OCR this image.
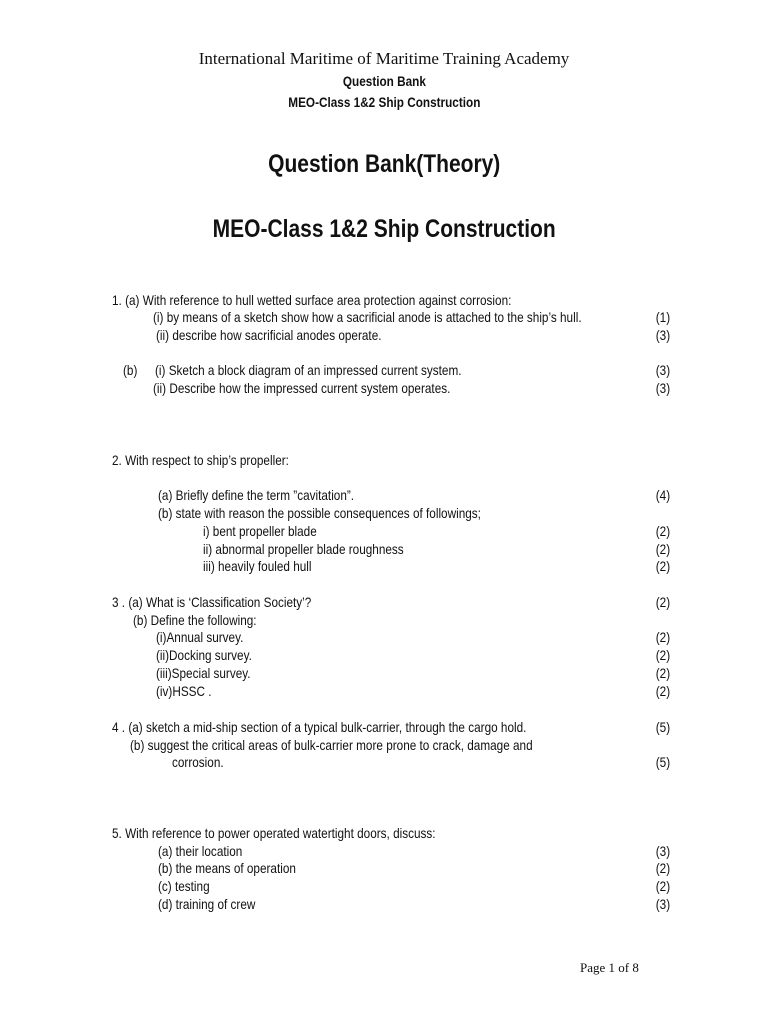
International Maritime of Maritime Training Academy
Question Bank
MEO-Class 1&2 Ship Construction
Question Bank(Theory)
MEO-Class 1&2 Ship Construction
1. (a) With reference to hull wetted surface area protection against corrosion:
(i) by means of a sketch show how a sacrificial anode is attached to the ship’s hull.	(1)
(ii) describe how sacrificial anodes operate.	(3)
(b) (i) Sketch a block diagram of an impressed current system.	(3)
(ii) Describe how the impressed current system operates.	(3)
2. With respect to ship’s propeller:
(a) Briefly define the term ”cavitation”.	(4)
(b) state with reason the possible consequences of followings;
i) bent propeller blade	(2)
ii) abnormal propeller blade roughness	(2)
iii) heavily fouled hull	(2)
3 . (a) What is ‘Classification Society’?	(2)
(b) Define the following:
(i)Annual survey.	(2)
(ii)Docking survey.	(2)
(iii)Special survey.	(2)
(iv)HSSC .	(2)
4 . (a) sketch a mid-ship section of a typical bulk-carrier, through the cargo hold.	(5)
(b) suggest the critical areas of bulk-carrier more prone to crack, damage and
corrosion.	(5)
5. With reference to power operated watertight doors, discuss:
(a) their location	(3)
(b) the means of operation	(2)
(c) testing	(2)
(d) training of crew	(3)
Page 1 of 8
